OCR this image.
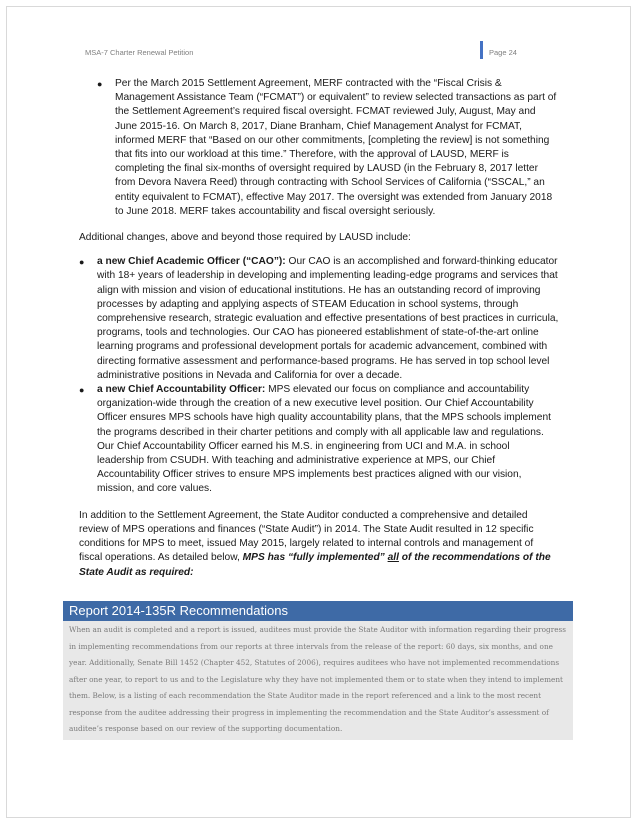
MSA-7 Charter Renewal Petition	Page 24
●	Per the March 2015 Settlement Agreement, MERF contracted with the “Fiscal Crisis & Management Assistance Team (“FCMAT”) or equivalent” to review selected transactions as part of the Settlement Agreement’s required fiscal oversight. FCMAT reviewed July, August, May and June 2015-16. On March 8, 2017, Diane Branham, Chief Management Analyst for FCMAT, informed MERF that “Based on our other commitments, [completing the review] is not something that fits into our workload at this time.” Therefore, with the approval of LAUSD, MERF is completing the final six-months of oversight required by LAUSD (in the February 8, 2017 letter from Devora Navera Reed) through contracting with School Services of California (“SSCAL,” an entity equivalent to FCMAT), effective May 2017. The oversight was extended from January 2018 to June 2018. MERF takes accountability and fiscal oversight seriously.
Additional changes, above and beyond those required by LAUSD include:
●	a new Chief Academic Officer (“CAO”): Our CAO is an accomplished and forward-thinking educator with 18+ years of leadership in developing and implementing leading-edge programs and services that align with mission and vision of educational institutions. He has an outstanding record of improving processes by adapting and applying aspects of STEAM Education in school systems, through comprehensive research, strategic evaluation and effective presentations of best practices in curricula, programs, tools and technologies. Our CAO has pioneered establishment of state-of-the-art online learning programs and professional development portals for academic advancement, combined with directing formative assessment and performance-based programs. He has served in top school level administrative positions in Nevada and California for over a decade.
●	a new Chief Accountability Officer: MPS elevated our focus on compliance and accountability organization-wide through the creation of a new executive level position. Our Chief Accountability Officer ensures MPS schools have high quality accountability plans, that the MPS schools implement the programs described in their charter petitions and comply with all applicable law and regulations. Our Chief Accountability Officer earned his M.S. in engineering from UCI and M.A. in school leadership from CSUDH. With teaching and administrative experience at MPS, our Chief Accountability Officer strives to ensure MPS implements best practices aligned with our vision, mission, and core values.
In addition to the Settlement Agreement, the State Auditor conducted a comprehensive and detailed review of MPS operations and finances (“State Audit”) in 2014. The State Audit resulted in 12 specific conditions for MPS to meet, issued May 2015, largely related to internal controls and management of fiscal operations. As detailed below, MPS has “fully implemented” all of the recommendations of the State Audit as required:
Report 2014-135R Recommendations
When an audit is completed and a report is issued, auditees must provide the State Auditor with information regarding their progress in implementing recommendations from our reports at three intervals from the release of the report: 60 days, six months, and one year. Additionally, Senate Bill 1452 (Chapter 452, Statutes of 2006), requires auditees who have not implemented recommendations after one year, to report to us and to the Legislature why they have not implemented them or to state when they intend to implement them. Below, is a listing of each recommendation the State Auditor made in the report referenced and a link to the most recent response from the auditee addressing their progress in implementing the recommendation and the State Auditor’s assessment of auditee’s response based on our review of the supporting documentation.
